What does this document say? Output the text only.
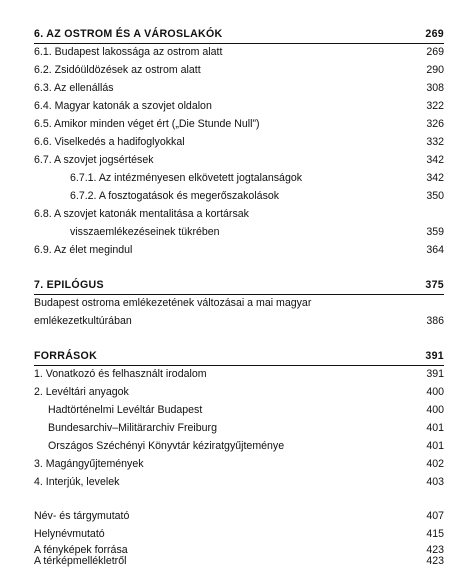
6. AZ OSTROM ÉS A VÁROSLAKÓK	269
6.1. Budapest lakossága az ostrom alatt	269
6.2. Zsidóüldözések az ostrom alatt	290
6.3. Az ellenállás	308
6.4. Magyar katonák a szovjet oldalon	322
6.5. Amikor minden véget ért („Die Stunde Null”)	326
6.6. Viselkedés a hadifoglyokkal	332
6.7. A szovjet jogsértések	342
6.7.1. Az intézményesen elkövetett jogtalanságok	342
6.7.2. A fosztogatások és megerőszakolások	350
6.8. A szovjet katonák mentalitása a kortársak
visszaemlékezéseinek tükrében	359
6.9. Az élet megindul	364
7. EPILÓGUS	375
Budapest ostroma emlékezetének változásai a mai magyar
emlékezetkultúrában	386
FORRÁSOK	391
1. Vonatkozó és felhasznált irodalom	391
2. Levéltári anyagok	400
Hadtörténelmi Levéltár Budapest	400
Bundesarchiv–Militärarchiv Freiburg	401
Országos Széchényi Könyvtár kéziratgyűjteménye	401
3. Magángyűjtemények	402
4. Interjúk, levelek	403
Név- és tárgymutató	407
Helynévmutató	415
A fényképek forrása	423
A térképmellékletről	423
